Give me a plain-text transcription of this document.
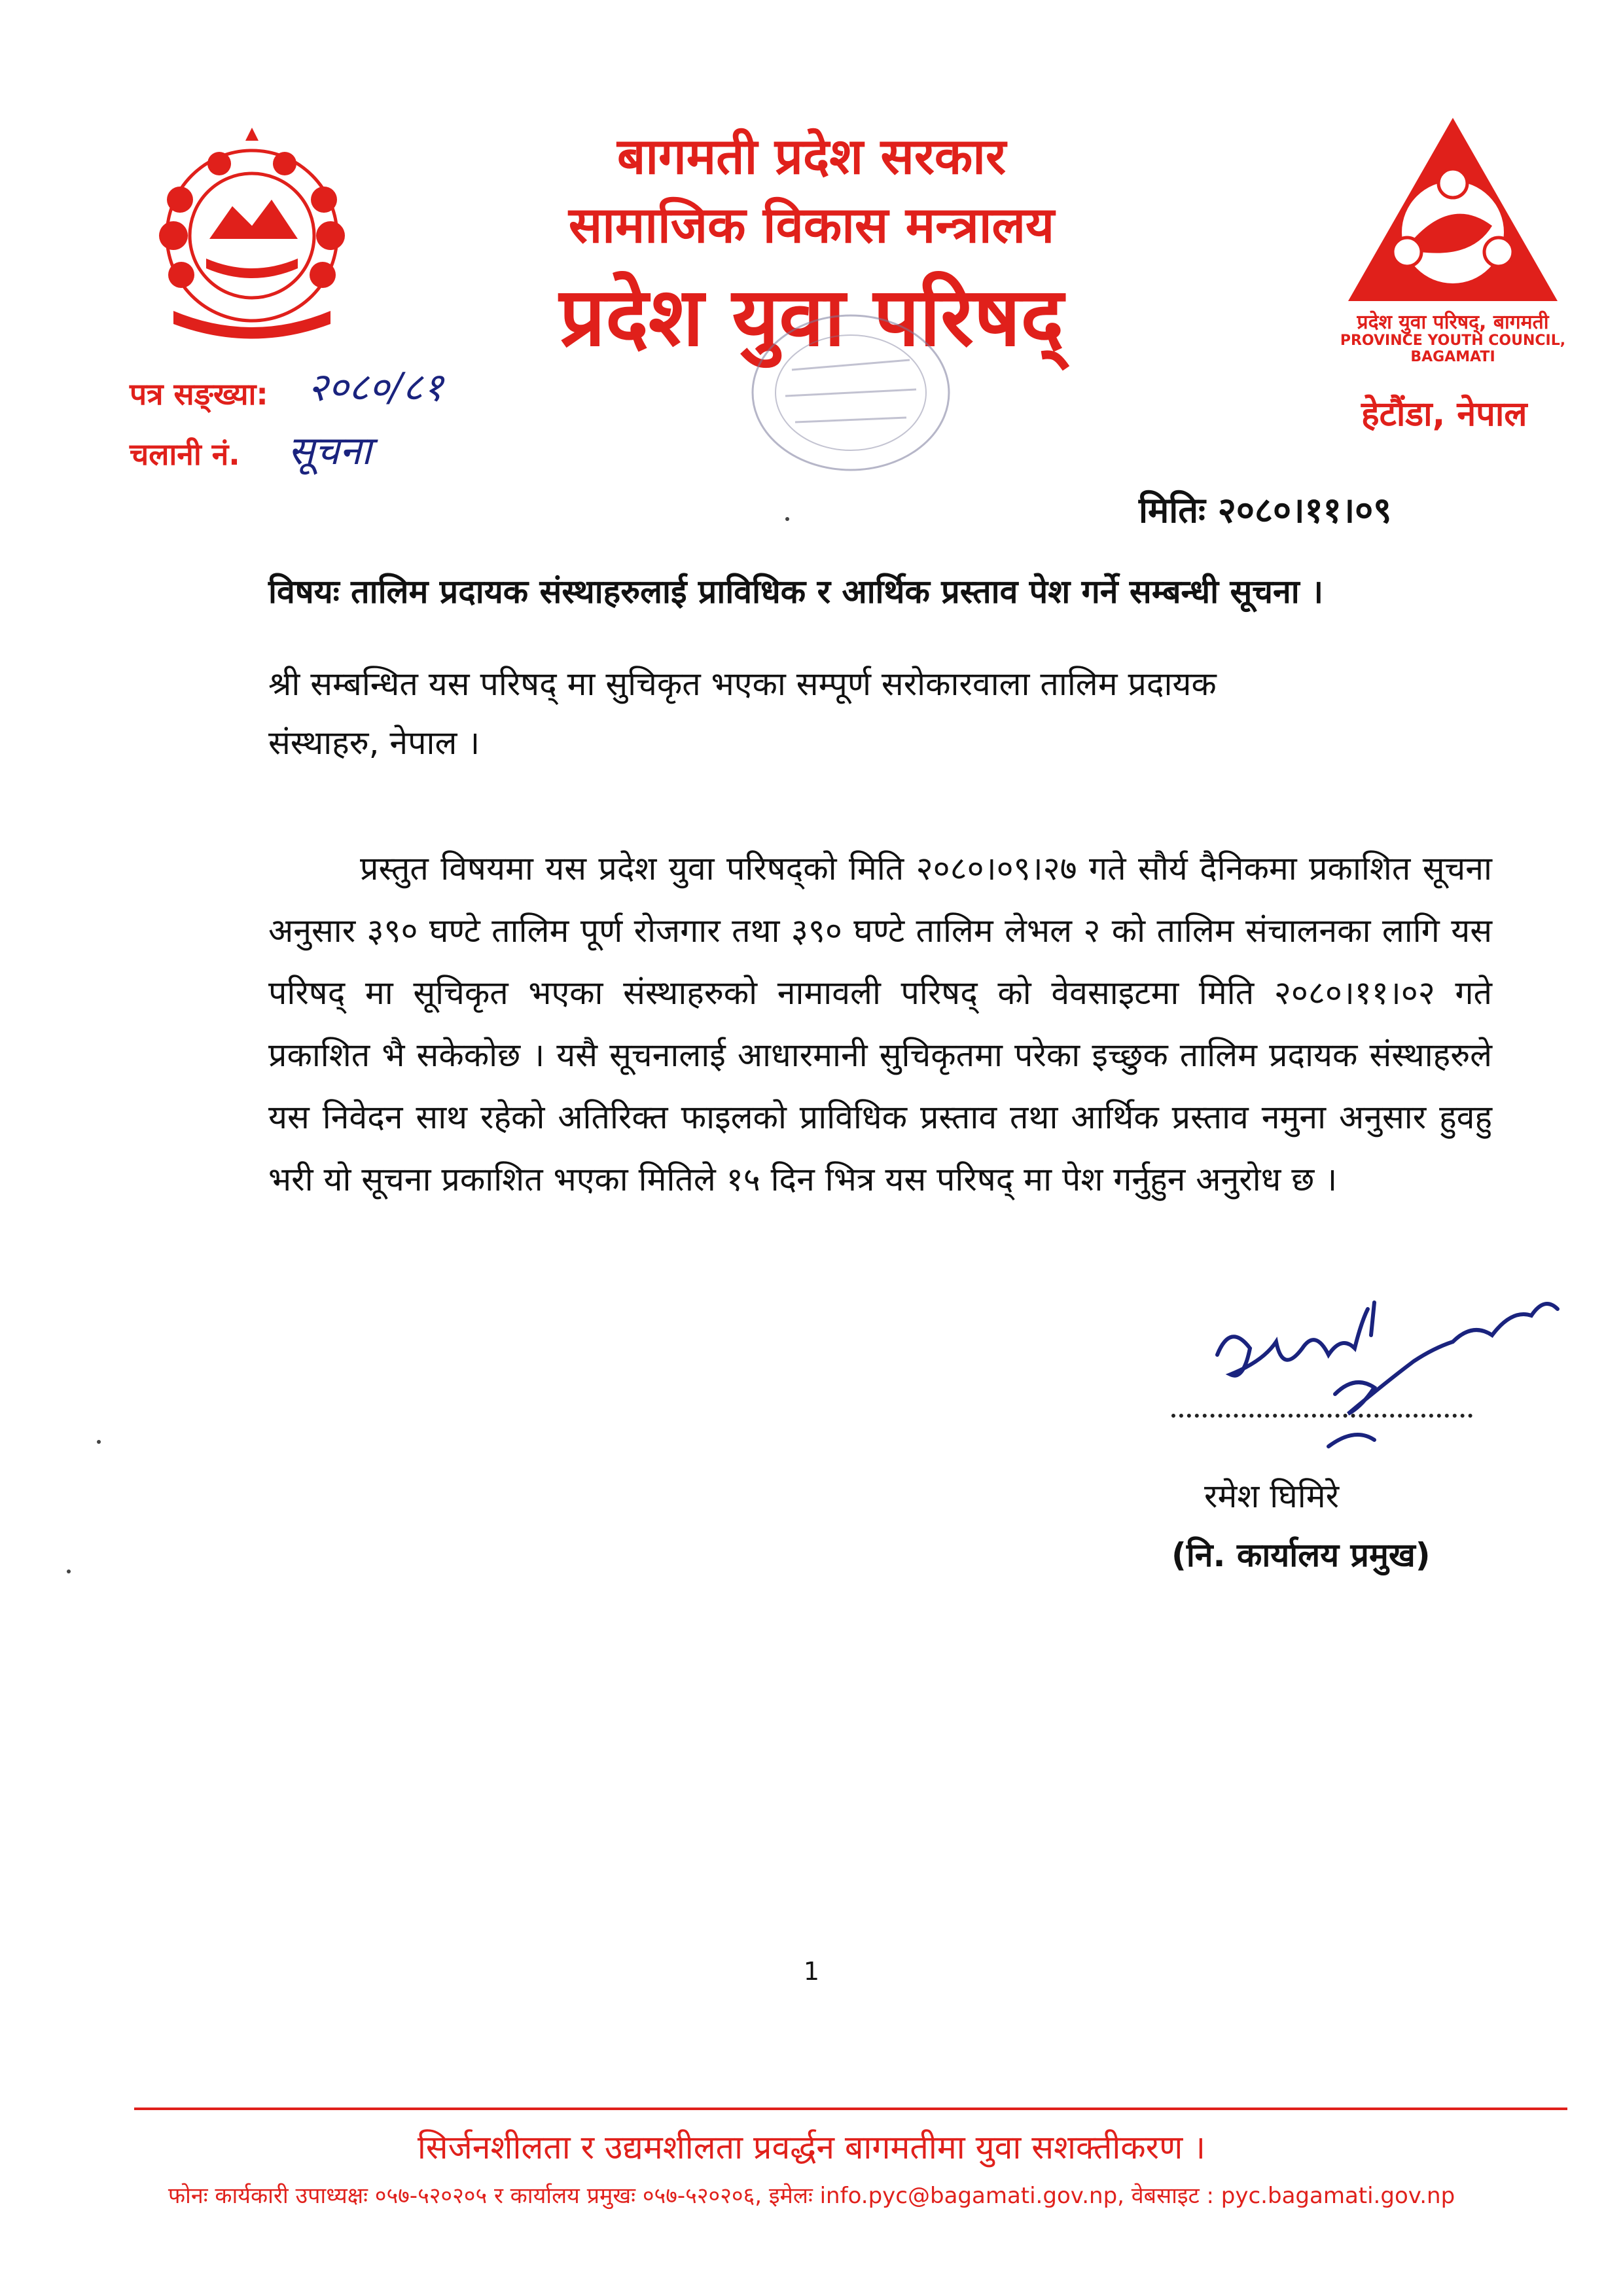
बागमती प्रदेश सरकार
सामाजिक विकास मन्त्रालय
प्रदेश युवा परिषद्	प्रदेश युवा परिषद्, बागमती
PROVINCE YOUTH COUNCIL, BAGAMATI
हेटौंडा, नेपाल
पत्र सङ्ख्या: २०८०/८१
चलानी नं. सूचना
मितिः २०८०।११।०९
विषयः तालिम प्रदायक संस्थाहरुलाई प्राविधिक र आर्थिक प्रस्ताव पेश गर्ने सम्बन्धी सूचना ।
श्री सम्बन्धित यस परिषद् मा सुचिकृत भएका सम्पूर्ण सरोकारवाला तालिम प्रदायक
संस्थाहरु, नेपाल ।
प्रस्तुत विषयमा यस प्रदेश युवा परिषद्को मिति २०८०।०९।२७ गते सौर्य दैनिकमा प्रकाशित सूचना अनुसार ३९० घण्टे तालिम पूर्ण रोजगार तथा ३९० घण्टे तालिम लेभल २ को तालिम संचालनका लागि यस परिषद् मा सूचिकृत भएका संस्थाहरुको नामावली परिषद् को वेवसाइटमा मिति २०८०।११।०२ गते प्रकाशित भै सकेकोछ । यसै सूचनालाई आधारमानी सुचिकृतमा परेका इच्छुक तालिम प्रदायक संस्थाहरुले यस निवेदन साथ रहेको अतिरिक्त फाइलको प्राविधिक प्रस्ताव तथा आर्थिक प्रस्ताव नमुना अनुसार हुवहु भरी यो सूचना प्रकाशित भएका मितिले १५ दिन भित्र यस परिषद् मा पेश गर्नुहुन अनुरोध छ ।
रमेश घिमिरे
(नि. कार्यालय प्रमुख)
1
सिर्जनशीलता र उद्यमशीलता प्रवर्द्धन बागमतीमा युवा सशक्तीकरण ।
फोनः कार्यकारी उपाध्यक्षः ०५७-५२०२०५ र कार्यालय प्रमुखः ०५७-५२०२०६, इमेलः info.pyc@bagamati.gov.np, वेबसाइट : pyc.bagamati.gov.np
